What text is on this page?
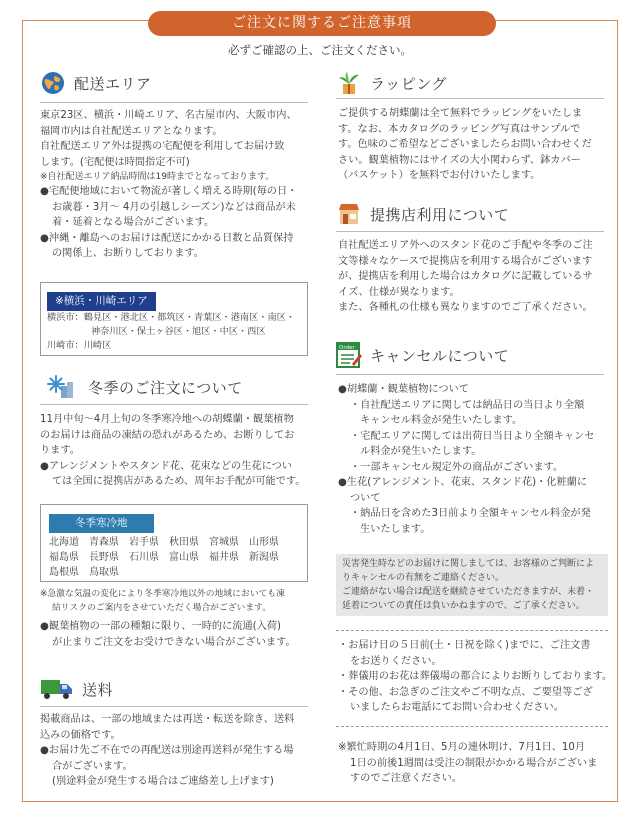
ご注文に関するご注意事項
必ずご確認の上、ご注文ください。
配送エリア
東京23区、横浜・川崎エリア、名古屋市内、大阪市内、
福岡市内は自社配送エリアとなります。
自社配送エリア外は提携の宅配便を利用してお届け致
します。(宅配便は時間指定不可)
※自社配送エリア納品時間は19時までとなっております。
●宅配便地域において物流が著しく増える時期(毎の日・
お歳暮・3月～ 4月の引越しシーズン)などは商品が未
着・延着となる場合がございます。
●沖縄・離島へのお届けは配送にかかる日数と品質保持
の関係上、お断りしております。
※横浜・川崎エリア
横浜市：鶴見区・港北区・都筑区・青葉区・港南区・南区・
神奈川区・保土ヶ谷区・旭区・中区・西区
川崎市：川崎区
冬季のご注文について
11月中旬～4月上旬の冬季寒冷地への胡蝶蘭・観葉植物
のお届けは商品の凍結の恐れがあるため、お断りしてお
ります。
●アレンジメントやスタンド花、花束などの生花につい
ては全国に提携店があるため、周年お手配が可能です。
冬季寒冷地
北海道　 青森県　 岩手県　 秋田県　 宮城県　 山形県
福島県　 長野県　 石川県　 富山県　 福井県　 新潟県
島根県　 鳥取県
※急激な気温の変化により冬季寒冷地以外の地域においても凍
結リスクのご案内をさせていただく場合がございます。
●観葉植物の一部の種類に限り、一時的に流通(入荷)
が止まりご注文をお受けできない場合がございます。
送料
掲載商品は、一部の地域または再送・転送を除き、送料
込みの価格です。
●お届け先ご不在での再配送は別途再送料が発生する場
合がございます。
(別途料金が発生する場合はご連絡差し上げます)
ラッピング
ご提供する胡蝶蘭は全て無料でラッピングをいたしま
す。なお、本カタログのラッピング写真はサンプルで
す。色味のご希望などございましたらお問い合わせくだ
さい。観葉植物にはサイズの大小関わらず、鉢カバー
（バスケット）を無料でお付けいたします。
提携店利用について
自社配送エリア外へのスタンド花のご手配や冬季のご注
文等様々なケースで提携店を利用する場合がございます
が、提携店を利用した場合はカタログに記載しているサ
イズ、仕様が異なります。
また、各種札の仕様も異なりますのでご了承ください。
Order キャンセルについて
●胡蝶蘭・観葉植物について
・自社配送エリアに関しては納品日の当日より全額
キャンセル料金が発生いたします。
・宅配エリアに関しては出荷日当日より全額キャンセ
ル料金が発生いたします。
・一部キャンセル規定外の商品がございます。
●生花(アレンジメント、花束、スタンド花)・化粧蘭に
ついて
・納品日を含めた3日前より全額キャンセル料金が発
生いたします。
災害発生時などのお届けに関しましては、お客様のご判断によ
りキャンセルの有無をご連絡ください。
ご連絡がない場合は配送を継続させていただきますが、未着・
延着についての責任は負いかねますので、ご了承ください。
・お届け日の５日前(土・日祝を除く)までに、ご注文書
をお送りください。
・葬儀用のお花は葬儀場の都合によりお断りしております。
・その他、お急ぎのご注文やご不明な点、ご要望等ござ
いましたらお電話にてお問い合わせください。
※繁忙時期の4月1日、5月の連休明け、7月1日、10月
1日の前後1週間は受注の制限がかかる場合がございま
すのでご注意ください。
